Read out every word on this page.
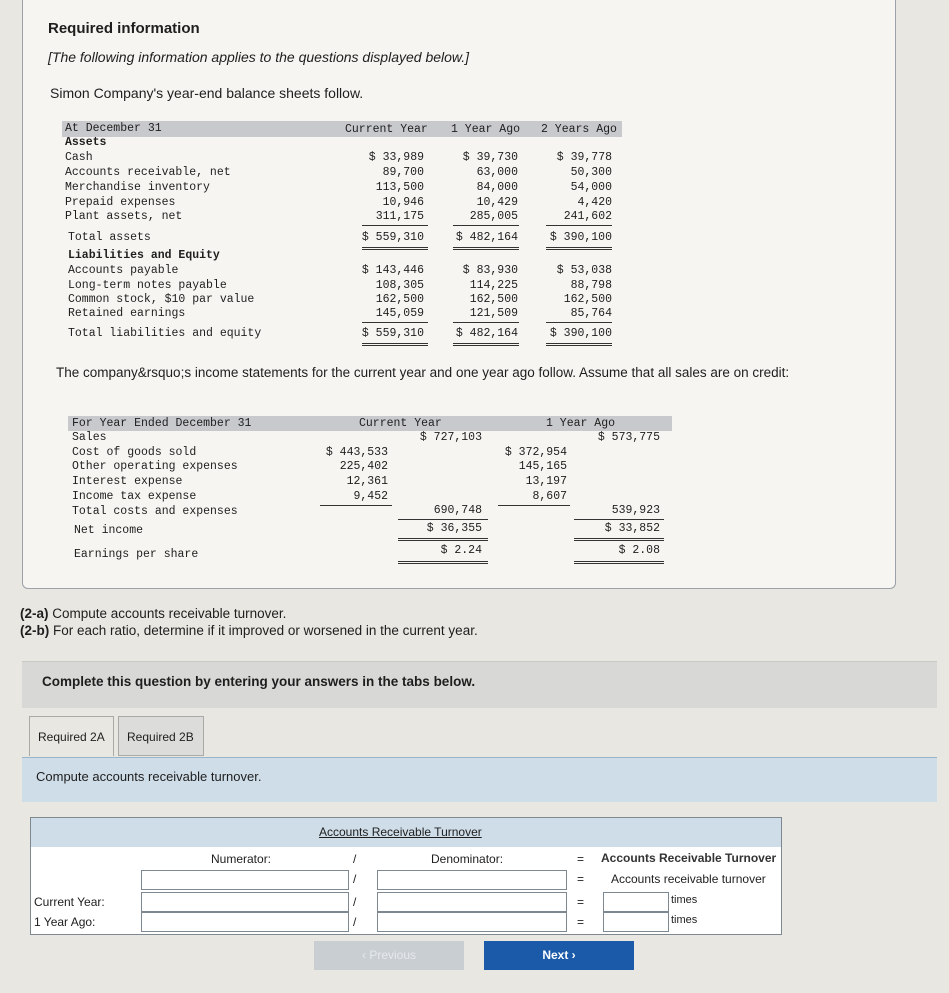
Required information
[The following information applies to the questions displayed below.]
Simon Company's year-end balance sheets follow.
At December 31	Current Year 1 Year Ago 2 Years Ago
Assets
Cash	$ 33,989	$ 39,730	$ 39,778
Accounts receivable, net	89,700	63,000	50,300
Merchandise inventory	113,500	84,000	54,000
Prepaid expenses	10,946	10,429	4,420
Plant assets, net	311,175	285,005	241,602
Total assets	$ 559,310	$ 482,164	$ 390,100
Liabilities and Equity
Accounts payable	$ 143,446	$ 83,930	$ 53,038
Long-term notes payable	108,305	114,225	88,798
Common stock, $10 par value	162,500	162,500	162,500
Retained earnings	145,059	121,509	85,764
Total liabilities and equity	$ 559,310	$ 482,164	$ 390,100
The company&rsquo;s income statements for the current year and one year ago follow. Assume that all sales are on credit:
For Year Ended December 31	Current Year	1 Year Ago
Sales	$ 727,103	$ 573,775
Cost of goods sold	$ 443,533	$ 372,954
Other operating expenses	225,402	145,165
Interest expense	12,361	13,197
Income tax expense	9,452	8,607
Total costs and expenses	690,748	539,923
Net income	$ 36,355	$ 33,852
Earnings per share	$ 2.24	$ 2.08
(2-a) Compute accounts receivable turnover.
(2-b) For each ratio, determine if it improved or worsened in the current year.
Complete this question by entering your answers in the tabs below.
Required 2A	Required 2B
Compute accounts receivable turnover.
Accounts Receivable Turnover
Numerator:	/	Denominator:	= Accounts Receivable Turnover
/	= Accounts receivable turnover
Current Year:	/	=	times
1 Year Ago:	/	=	times
‹ Previous	Next ›
